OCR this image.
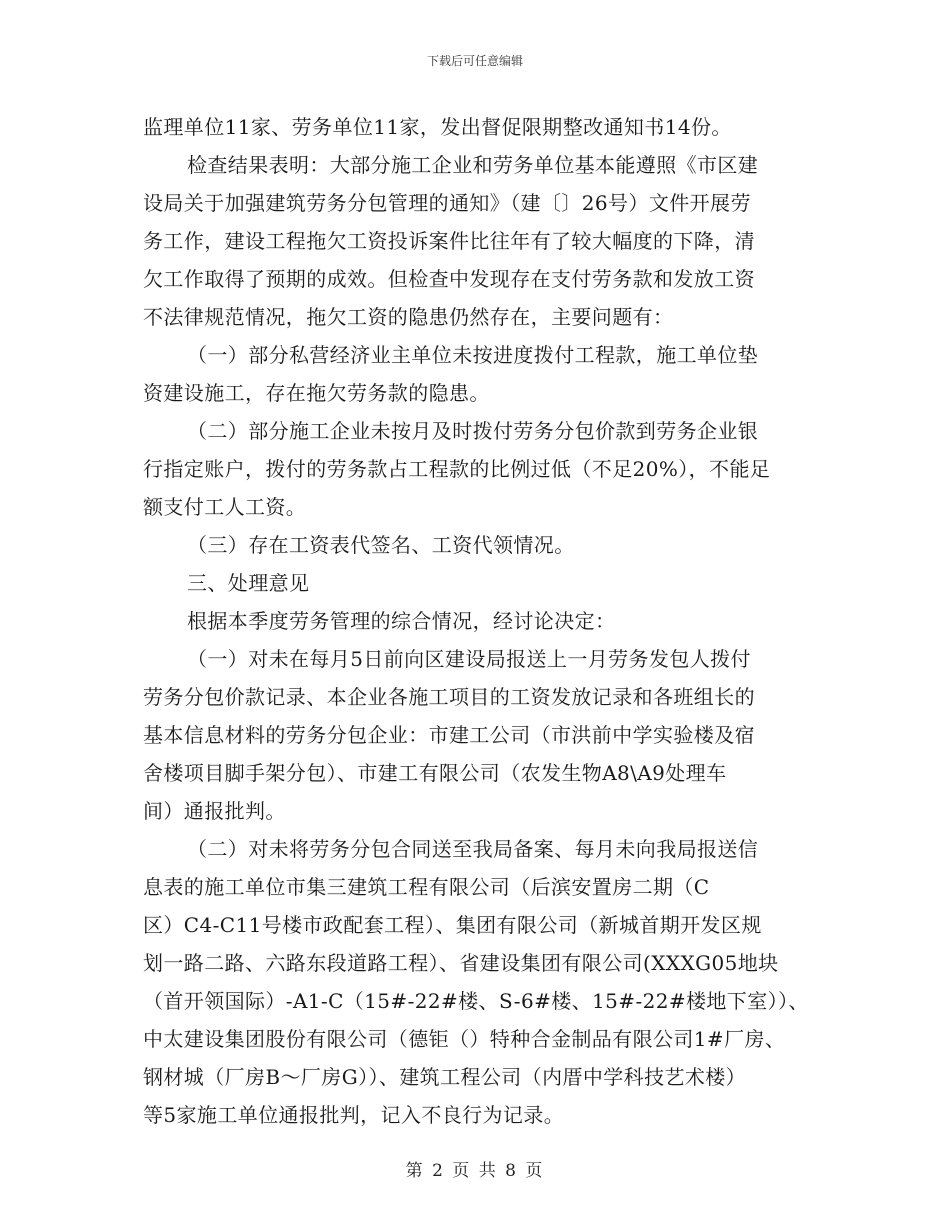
下载后可任意编辑
监理单位11家、劳务单位11家，发出督促限期整改通知书14份。
检查结果表明：大部分施工企业和劳务单位基本能遵照《市区建
设局关于加强建筑劳务分包管理的通知》（建〔〕26号）文件开展劳
务工作，建设工程拖欠工资投诉案件比往年有了较大幅度的下降，清
欠工作取得了预期的成效。但检查中发现存在支付劳务款和发放工资
不法律规范情况，拖欠工资的隐患仍然存在，主要问题有：
（一）部分私营经济业主单位未按进度拨付工程款，施工单位垫
资建设施工，存在拖欠劳务款的隐患。
（二）部分施工企业未按月及时拨付劳务分包价款到劳务企业银
行指定账户，拨付的劳务款占工程款的比例过低（不足20%），不能足
额支付工人工资。
（三）存在工资表代签名、工资代领情况。
三、处理意见
根据本季度劳务管理的综合情况，经讨论决定：
（一）对未在每月5日前向区建设局报送上一月劳务发包人拨付
劳务分包价款记录、本企业各施工项目的工资发放记录和各班组长的
基本信息材料的劳务分包企业：市建工公司（市洪前中学实验楼及宿
舍楼项目脚手架分包）、市建工有限公司（农发生物A8\A9处理车
间）通报批判。
（二）对未将劳务分包合同送至我局备案、每月未向我局报送信
息表的施工单位市集三建筑工程有限公司（后滨安置房二期（C
区）C4-C11号楼市政配套工程）、集团有限公司（新城首期开发区规
划一路二路、六路东段道路工程）、省建设集团有限公司(XXXG05地块
（首开领国际）-A1-C（15#-22#楼、S-6#楼、15#-22#楼地下室））、
中太建设集团股份有限公司（德钜（）特种合金制品有限公司1#厂房、
钢材城（厂房B～厂房G））、建筑工程公司（内厝中学科技艺术楼）
等5家施工单位通报批判，记入不良行为记录。
第 2 页 共 8 页
